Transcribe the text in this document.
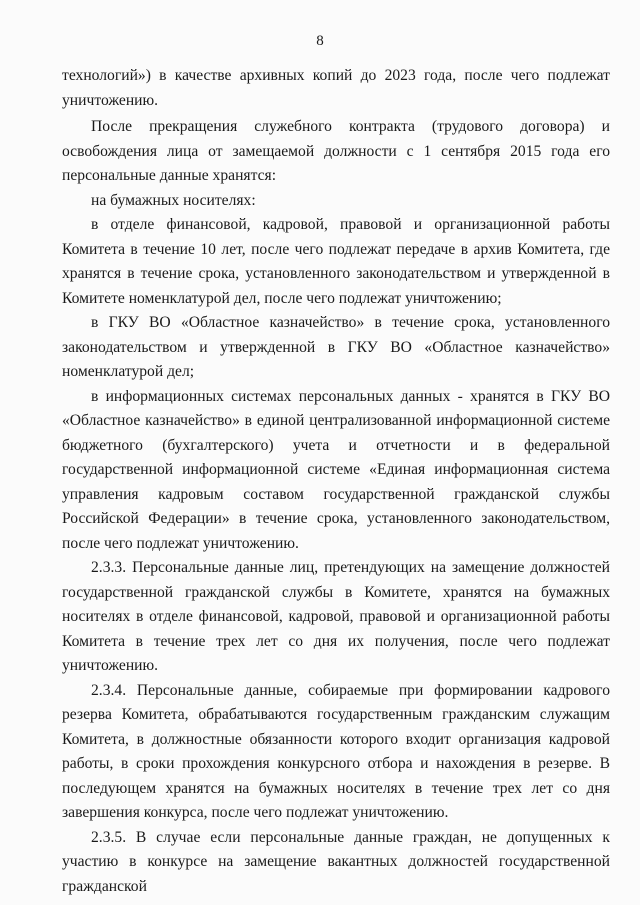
8

технологий») в качестве архивных копий до 2023 года, после чего подлежат уничтожению.

После прекращения служебного контракта (трудового договора) и освобождения лица от замещаемой должности с 1 сентября 2015 года его персональные данные хранятся:

на бумажных носителях:

в отделе финансовой, кадровой, правовой и организационной работы Комитета в течение 10 лет, после чего подлежат передаче в архив Комитета, где хранятся в течение срока, установленного законодательством и утвержденной в Комитете номенклатурой дел, после чего подлежат уничтожению;

в ГКУ ВО «Областное казначейство» в течение срока, установленного законодательством и утвержденной в ГКУ ВО «Областное казначейство» номенклатурой дел;

в информационных системах персональных данных - хранятся в ГКУ ВО «Областное казначейство» в единой централизованной информационной системе бюджетного (бухгалтерского) учета и отчетности и в федеральной государственной информационной системе «Единая информационная система управления кадровым составом государственной гражданской службы Российской Федерации» в течение срока, установленного законодательством, после чего подлежат уничтожению.

2.3.3. Персональные данные лиц, претендующих на замещение должностей государственной гражданской службы в Комитете, хранятся на бумажных носителях в отделе финансовой, кадровой, правовой и организационной работы Комитета в течение трех лет со дня их получения, после чего подлежат уничтожению.

2.3.4. Персональные данные, собираемые при формировании кадрового резерва Комитета, обрабатываются государственным гражданским служащим Комитета, в должностные обязанности которого входит организация кадровой работы, в сроки прохождения конкурсного отбора и нахождения в резерве. В последующем хранятся на бумажных носителях в течение трех лет со дня завершения конкурса, после чего подлежат уничтожению.

2.3.5. В случае если персональные данные граждан, не допущенных к участию в конкурсе на замещение вакантных должностей государственной гражданской
